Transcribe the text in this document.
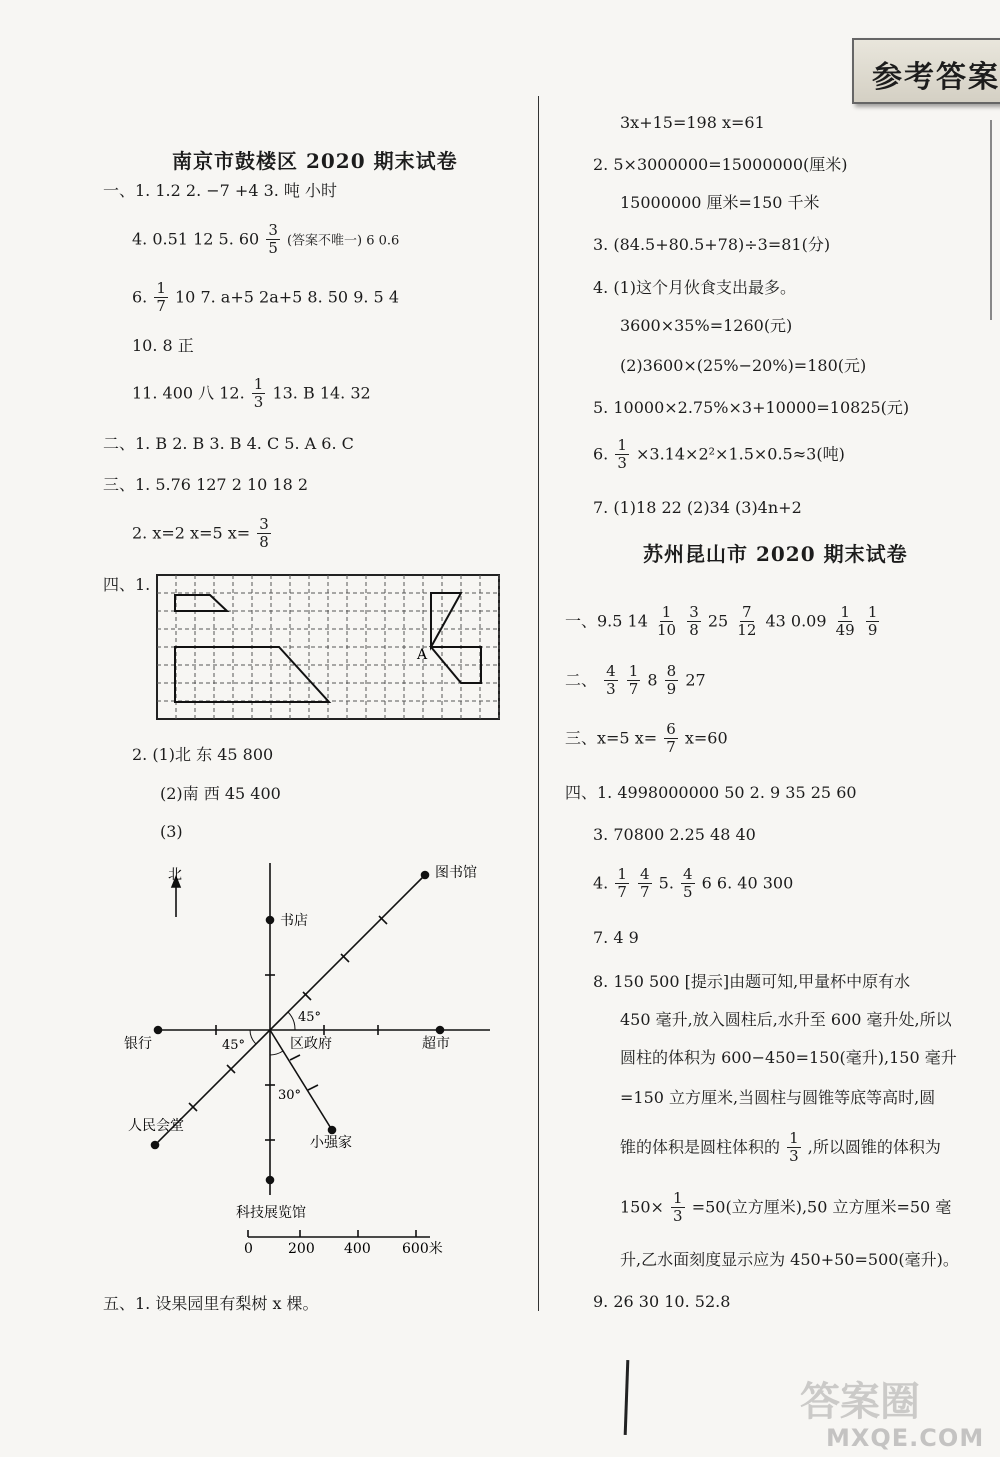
参考答案
南京市鼓楼区 2020 期末试卷
一、1. 1.2 2. −7 +4 3. 吨 小时
4. 0.51 12 5. $60 \frac{3}{5}$ (答案不唯一) 6 0.6
6. $\frac{1}{7} 10$ 7. a+5 2a+5 8. 50 9. 5 4
10. 8 正
11. 400 八 12. $\frac{1}{3} 13$. B 14. 32
二、1. B 2. B 3. B 4. C 5. A 6. C
三、1. 5.76 127 2 10 18 2
2. x=2 x=5 $x= \frac{3}{8}$
四、1.
A
2. (1)北 东 45 800
(2)南 西 45 400
(3)
北	图书馆
书店
银行	区政府	超市
人民会堂
小强家
科技展览馆
45°
45°
30°
0	200 400 600米
五、1. 设果园里有梨树 x 棵。
3x+15=198 x=61
2. 5×3000000=15000000(厘米)
15000000 厘米=150 千米
3. (84.5+80.5+78)÷3=81(分)
4. (1)这个月伙食支出最多。
3600×35%=1260(元)
(2)3600×(25%−20%)=180(元)
5. 10000×2.75%×3+10000=10825(元)
6. $\frac{1}{3} \times 3.14\times 2^2\times 1.5\times 0.5\approx 3$(吨)
7. (1)18 22 (2)34 (3)4n+2
苏州昆山市 2020 期末试卷
一、9.5 $14 \frac{1}{10}$
$\frac{3}{8} 25 \frac{7}{12} 43$ $0.09 \frac{1}{49}$
$\frac{1}{9}$
二、 $\frac{4}{3}$
$\frac{1}{7} 8 \frac{8}{9} 27$
三、x=5 $x= \frac{6}{7} x=60$
四、1. 4998000000 50 2. 9 35 25 60
3. 70800 2.25 48 40
4. $\frac{1}{7}$
$\frac{4}{7} 5$. $\frac{4}{5} 6$ 6. 40 300
7. 4 9
8. 150 500 [提示]由题可知,甲量杯中原有水
450 毫升,放入圆柱后,水升至 600 毫升处,所以
圆柱的体积为 600−450=150(毫升),150 毫升
=150 立方厘米,当圆柱与圆锥等底等高时,圆
锥的体积是圆柱体积的 $\frac{1}{3}$ ,所以圆锥的体积为
$150\times \frac{1}{3} =50$(立方厘米),50 立方厘米=50 毫
升,乙水面刻度显示应为 450+50=500(毫升)。
9. 26 30 10. 52.8
答案圈
MXQE.COM
